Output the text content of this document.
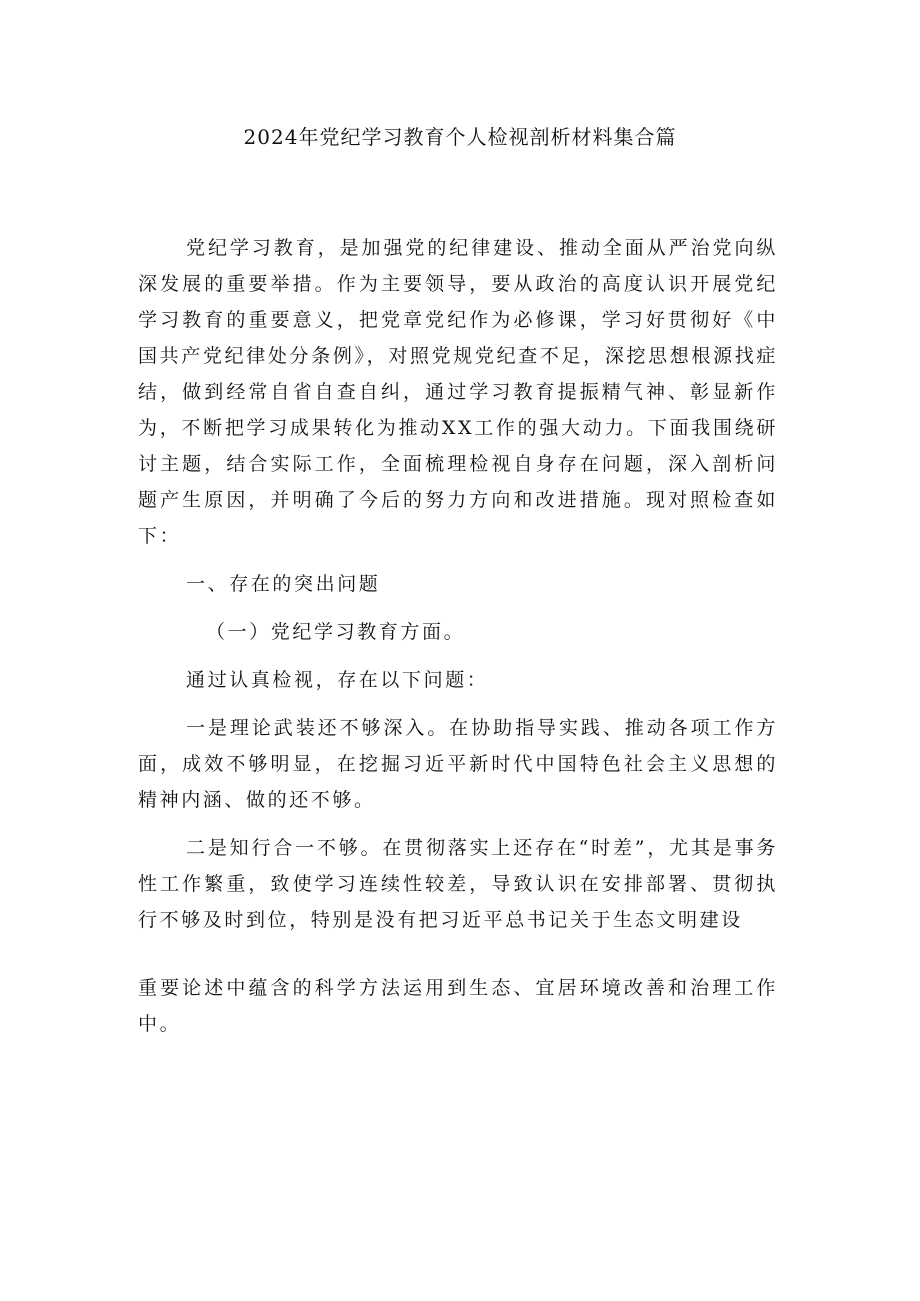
2024年党纪学习教育个人检视剖析材料集合篇

党纪学习教育，是加强党的纪律建设、推动全面从严治党向纵深发展的重要举措。作为主要领导，要从政治的高度认识开展党纪学习教育的重要意义，把党章党纪作为必修课，学习好贯彻好《中国共产党纪律处分条例》，对照党规党纪查不足，深挖思想根源找症结，做到经常自省自查自纠，通过学习教育提振精气神、彰显新作为，不断把学习成果转化为推动XX工作的强大动力。下面我围绕研讨主题，结合实际工作，全面梳理检视自身存在问题，深入剖析问题产生原因，并明确了今后的努力方向和改进措施。现对照检查如下：

一、存在的突出问题

（一）党纪学习教育方面。

通过认真检视，存在以下问题：

一是理论武装还不够深入。在协助指导实践、推动各项工作方面，成效不够明显，在挖掘习近平新时代中国特色社会主义思想的精神内涵、做的还不够。

二是知行合一不够。在贯彻落实上还存在“时差”，尤其是事务性工作繁重，致使学习连续性较差，导致认识在安排部署、贯彻执行不够及时到位，特别是没有把习近平总书记关于生态文明建设

重要论述中蕴含的科学方法运用到生态、宜居环境改善和治理工作中。
